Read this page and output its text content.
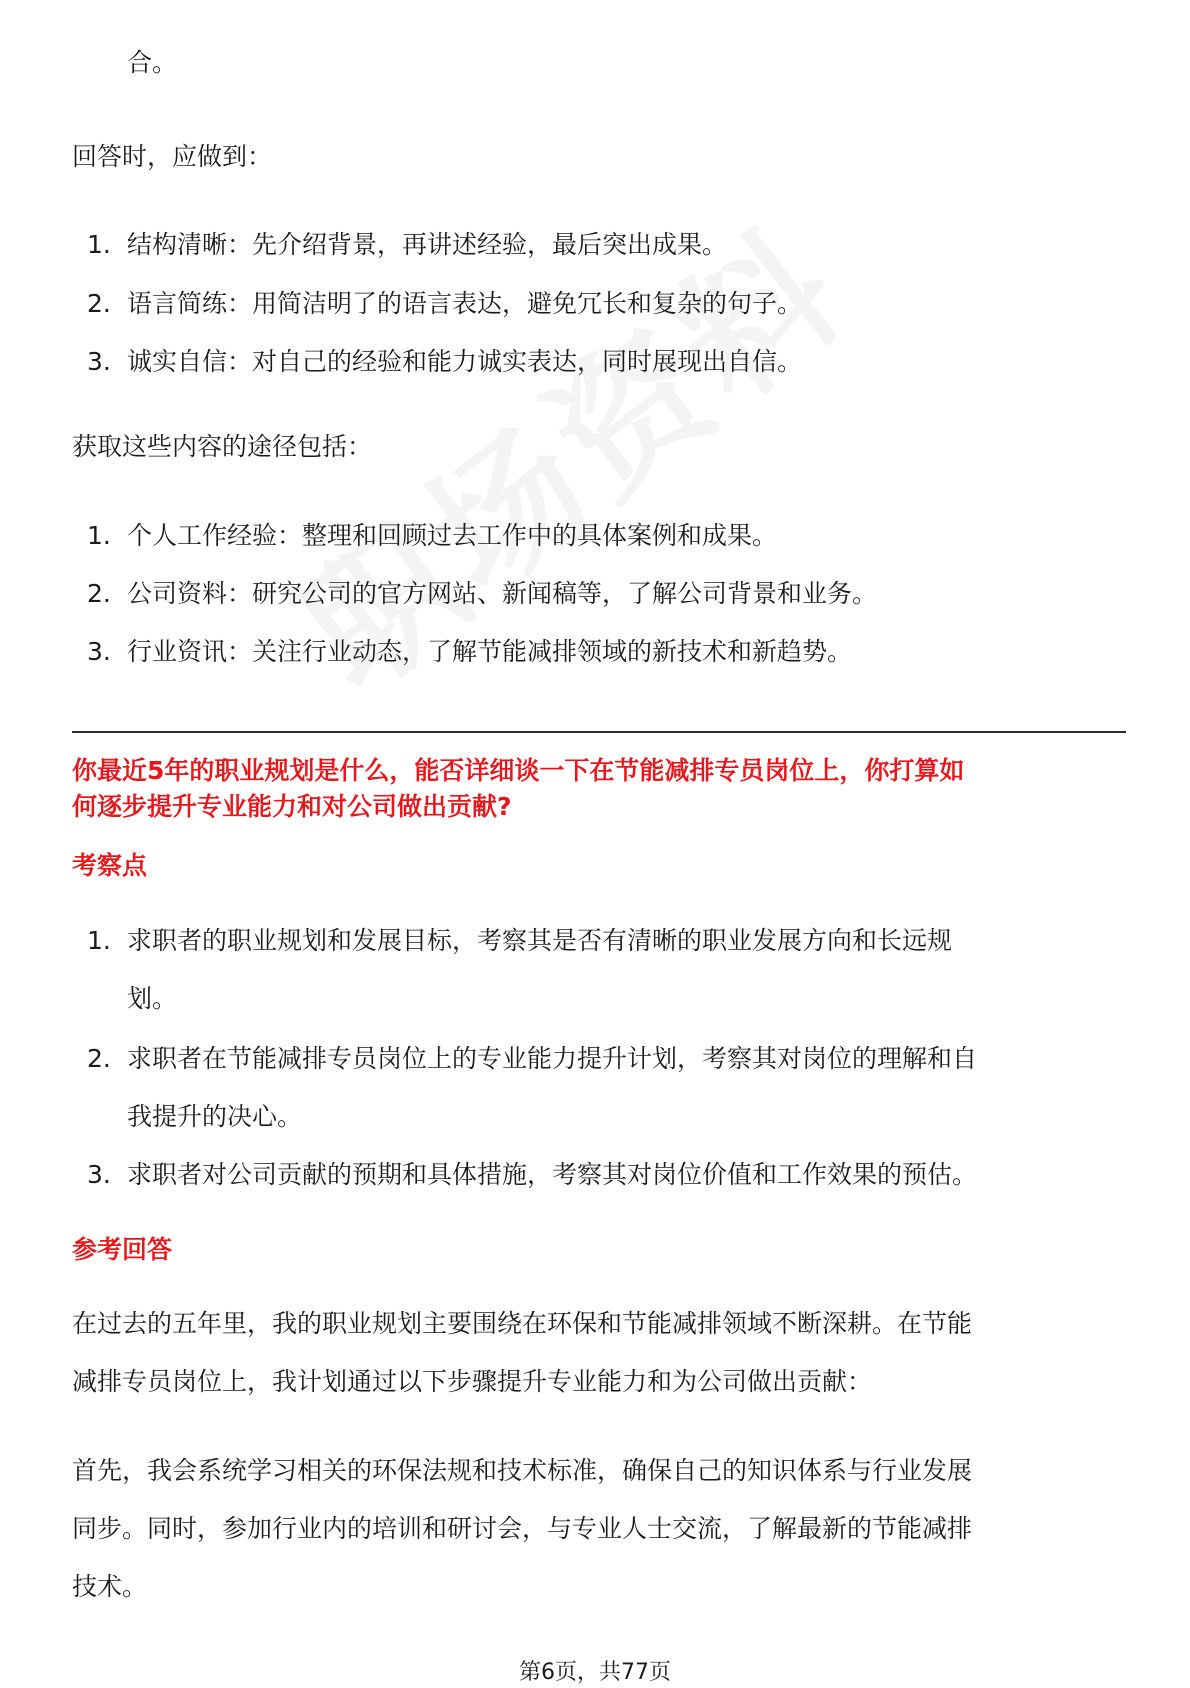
合。
回答时，应做到：
1. 结构清晰：先介绍背景，再讲述经验，最后突出成果。
2. 语言简练：用简洁明了的语言表达，避免冗长和复杂的句子。
3. 诚实自信：对自己的经验和能力诚实表达，同时展现出自信。
获取这些内容的途径包括：
1. 个人工作经验：整理和回顾过去工作中的具体案例和成果。
2. 公司资料：研究公司的官方网站、新闻稿等，了解公司背景和业务。
3. 行业资讯：关注行业动态，了解节能减排领域的新技术和新趋势。
你最近5年的职业规划是什么，能否详细谈一下在节能减排专员岗位上，你打算如
何逐步提升专业能力和对公司做出贡献?
考察点
1. 求职者的职业规划和发展目标，考察其是否有清晰的职业发展方向和长远规
划。
2. 求职者在节能减排专员岗位上的专业能力提升计划，考察其对岗位的理解和自
我提升的决心。
3. 求职者对公司贡献的预期和具体措施，考察其对岗位价值和工作效果的预估。
参考回答
在过去的五年里，我的职业规划主要围绕在环保和节能减排领域不断深耕。在节能
减排专员岗位上，我计划通过以下步骤提升专业能力和为公司做出贡献：
首先，我会系统学习相关的环保法规和技术标准，确保自己的知识体系与行业发展
同步。同时，参加行业内的培训和研讨会，与专业人士交流，了解最新的节能减排
技术。
第6页，共77页
